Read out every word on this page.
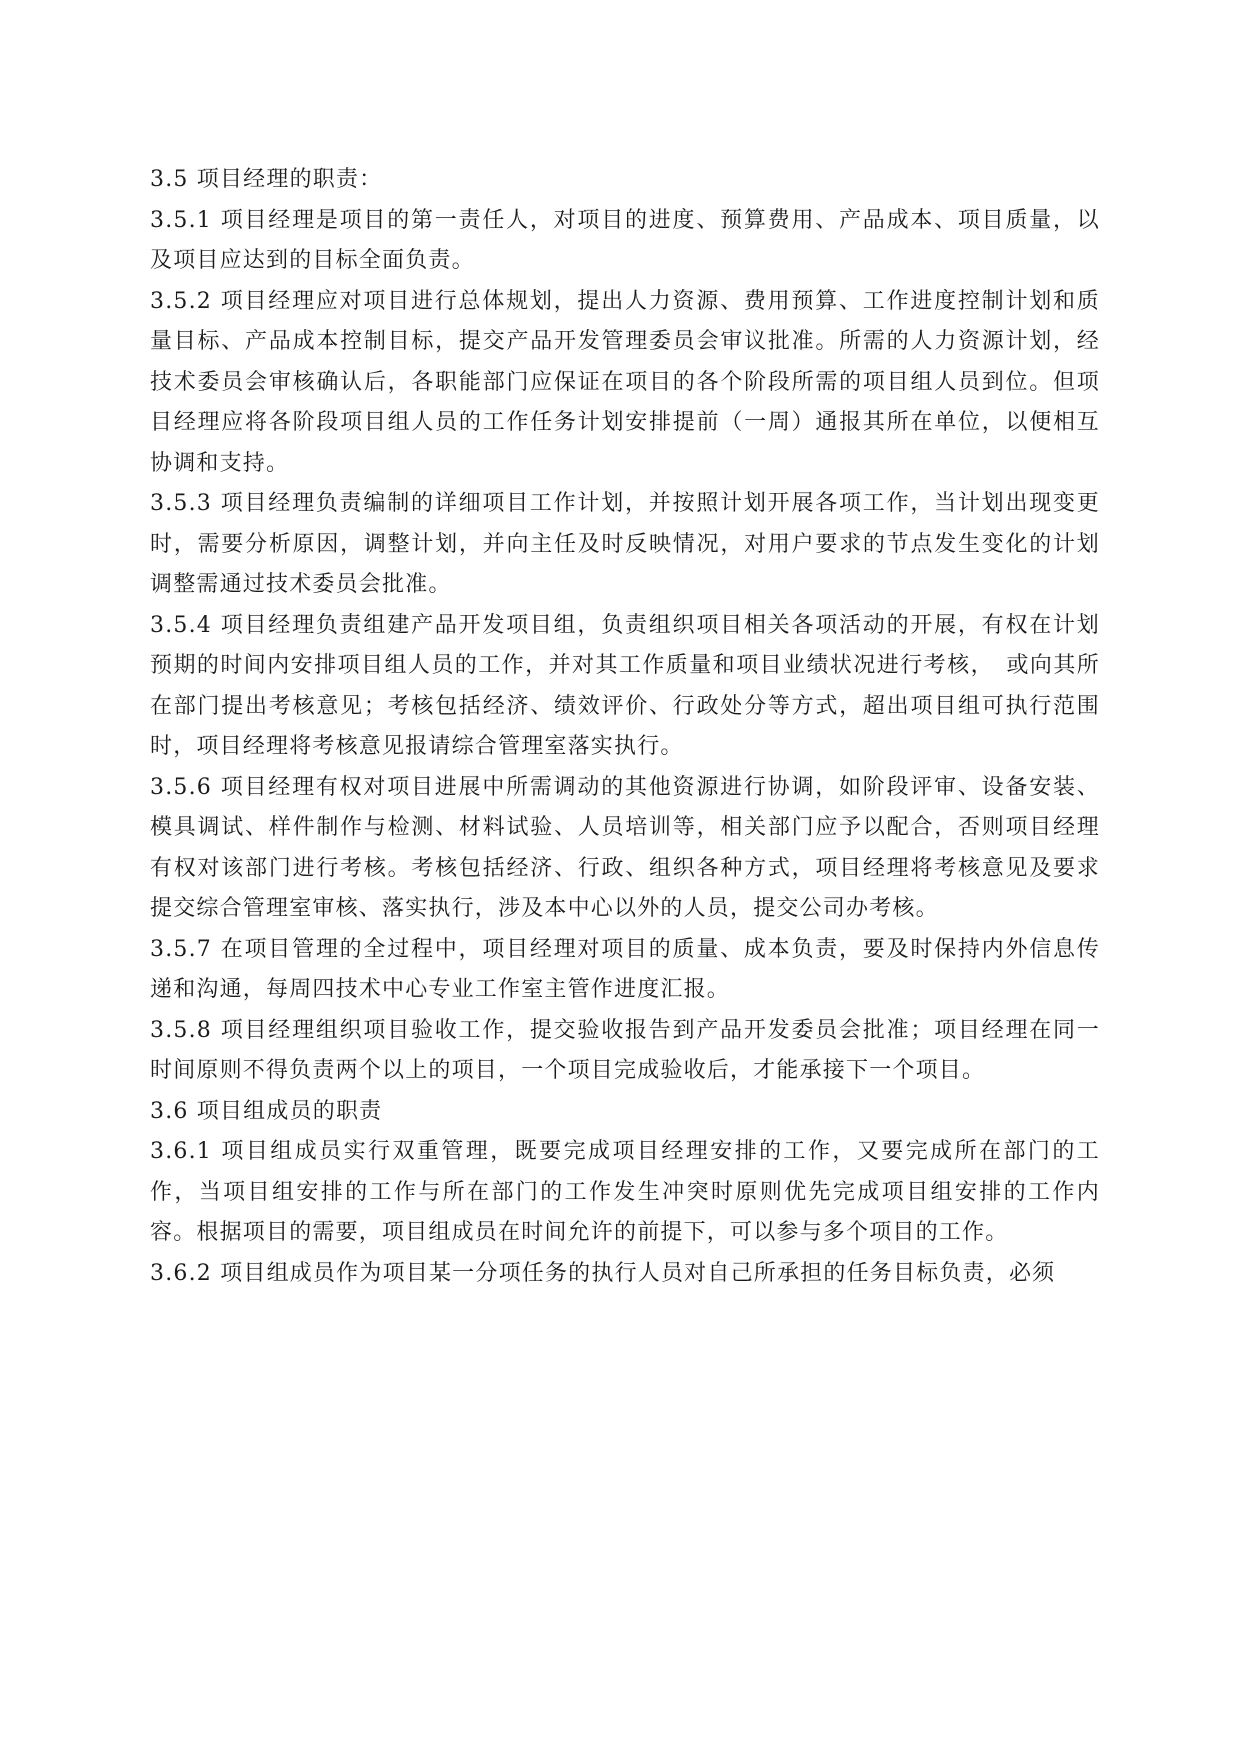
3.5 项目经理的职责：

3.5.1 项目经理是项目的第一责任人，对项目的进度、预算费用、产品成本、项目质量，以及项目应达到的目标全面负责。

3.5.2 项目经理应对项目进行总体规划，提出人力资源、费用预算、工作进度控制计划和质量目标、产品成本控制目标，提交产品开发管理委员会审议批准。所需的人力资源计划，经技术委员会审核确认后，各职能部门应保证在项目的各个阶段所需的项目组人员到位。但项目经理应将各阶段项目组人员的工作任务计划安排提前（一周）通报其所在单位，以便相互协调和支持。

3.5.3 项目经理负责编制的详细项目工作计划，并按照计划开展各项工作，当计划出现变更时，需要分析原因，调整计划，并向主任及时反映情况，对用户要求的节点发生变化的计划调整需通过技术委员会批准。

3.5.4 项目经理负责组建产品开发项目组，负责组织项目相关各项活动的开展，有权在计划预期的时间内安排项目组人员的工作，并对其工作质量和项目业绩状况进行考核，　或向其所在部门提出考核意见；考核包括经济、绩效评价、行政处分等方式，超出项目组可执行范围时，项目经理将考核意见报请综合管理室落实执行。

3.5.6 项目经理有权对项目进展中所需调动的其他资源进行协调，如阶段评审、设备安装、模具调试、样件制作与检测、材料试验、人员培训等，相关部门应予以配合，否则项目经理有权对该部门进行考核。考核包括经济、行政、组织各种方式，项目经理将考核意见及要求提交综合管理室审核、落实执行，涉及本中心以外的人员，提交公司办考核。

3.5.7 在项目管理的全过程中，项目经理对项目的质量、成本负责，要及时保持内外信息传递和沟通，每周四技术中心专业工作室主管作进度汇报。

3.5.8 项目经理组织项目验收工作，提交验收报告到产品开发委员会批准；项目经理在同一时间原则不得负责两个以上的项目，一个项目完成验收后，才能承接下一个项目。

3.6 项目组成员的职责

3.6.1 项目组成员实行双重管理，既要完成项目经理安排的工作，又要完成所在部门的工作，当项目组安排的工作与所在部门的工作发生冲突时原则优先完成项目组安排的工作内容。根据项目的需要，项目组成员在时间允许的前提下，可以参与多个项目的工作。

3.6.2 项目组成员作为项目某一分项任务的执行人员对自己所承担的任务目标负责，必须
